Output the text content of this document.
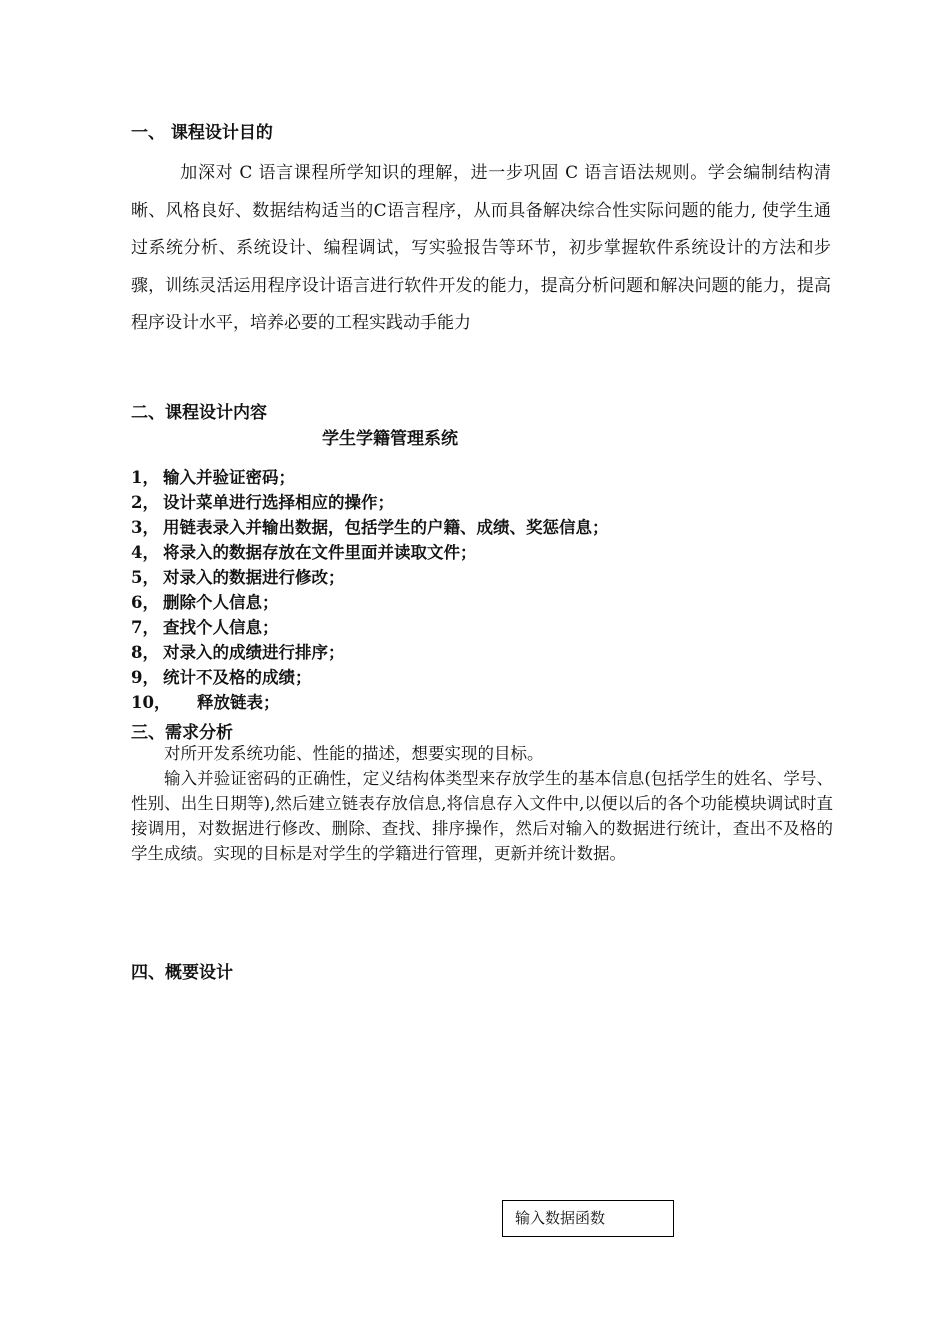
一、 课程设计目的

加深对 C 语言课程所学知识的理解，进一步巩固 C 语言语法规则。学会编制结构清晰、风格良好、数据结构适当的C语言程序，从而具备解决综合性实际问题的能力, 使学生通过系统分析、系统设计、编程调试，写实验报告等环节，初步掌握软件系统设计的方法和步骤，训练灵活运用程序设计语言进行软件开发的能力，提高分析问题和解决问题的能力，提高程序设计水平，培养必要的工程实践动手能力

二、课程设计内容
学生学籍管理系统
1， 输入并验证密码；
2， 设计菜单进行选择相应的操作；
3， 用链表录入并输出数据，包括学生的户籍、成绩、奖惩信息；
4， 将录入的数据存放在文件里面并读取文件；
5， 对录入的数据进行修改；
6， 删除个人信息；
7， 查找个人信息；
8， 对录入的成绩进行排序；
9， 统计不及格的成绩；
10， 释放链表；
三、需求分析

对所开发系统功能、性能的描述，想要实现的目标。

输入并验证密码的正确性，定义结构体类型来存放学生的基本信息(包括学生的姓名、学号、性别、出生日期等),然后建立链表存放信息,将信息存入文件中,以便以后的各个功能模块调试时直接调用，对数据进行修改、删除、查找、排序操作，然后对输入的数据进行统计，查出不及格的学生成绩。实现的目标是对学生的学籍进行管理，更新并统计数据。

四、概要设计
输入数据函数
